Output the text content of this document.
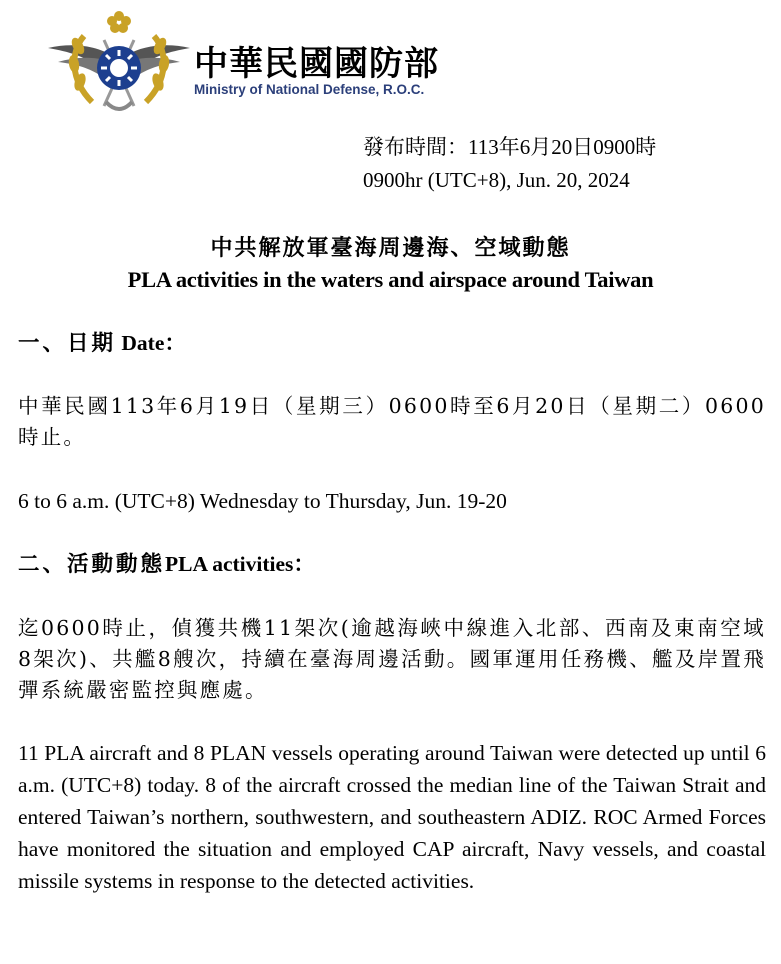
中華民國國防部
Ministry of National Defense, R.O.C.
發布時間：113年6月20日0900時
0900hr (UTC+8), Jun. 20, 2024
中共解放軍臺海周邊海、空域動態
PLA activities in the waters and airspace around Taiwan
一、日期 Date：
中華民國113年6月19日（星期三）0600時至6月20日（星期二）0600時止。
6 to 6 a.m. (UTC+8) Wednesday to Thursday, Jun. 19-20
二、活動動態PLA activities：
迄0600時止，偵獲共機11架次(逾越海峽中線進入北部、西南及東南空域8架次)、共艦8艘次，持續在臺海周邊活動。國軍運用任務機、艦及岸置飛彈系統嚴密監控與應處。
11 PLA aircraft and 8 PLAN vessels operating around Taiwan were detected up until 6 a.m. (UTC+8) today. 8 of the aircraft crossed the median line of the Taiwan Strait and entered Taiwan’s northern, southwestern, and southeastern ADIZ. ROC Armed Forces have monitored the situation and employed CAP aircraft, Navy vessels, and coastal missile systems in response to the detected activities.
